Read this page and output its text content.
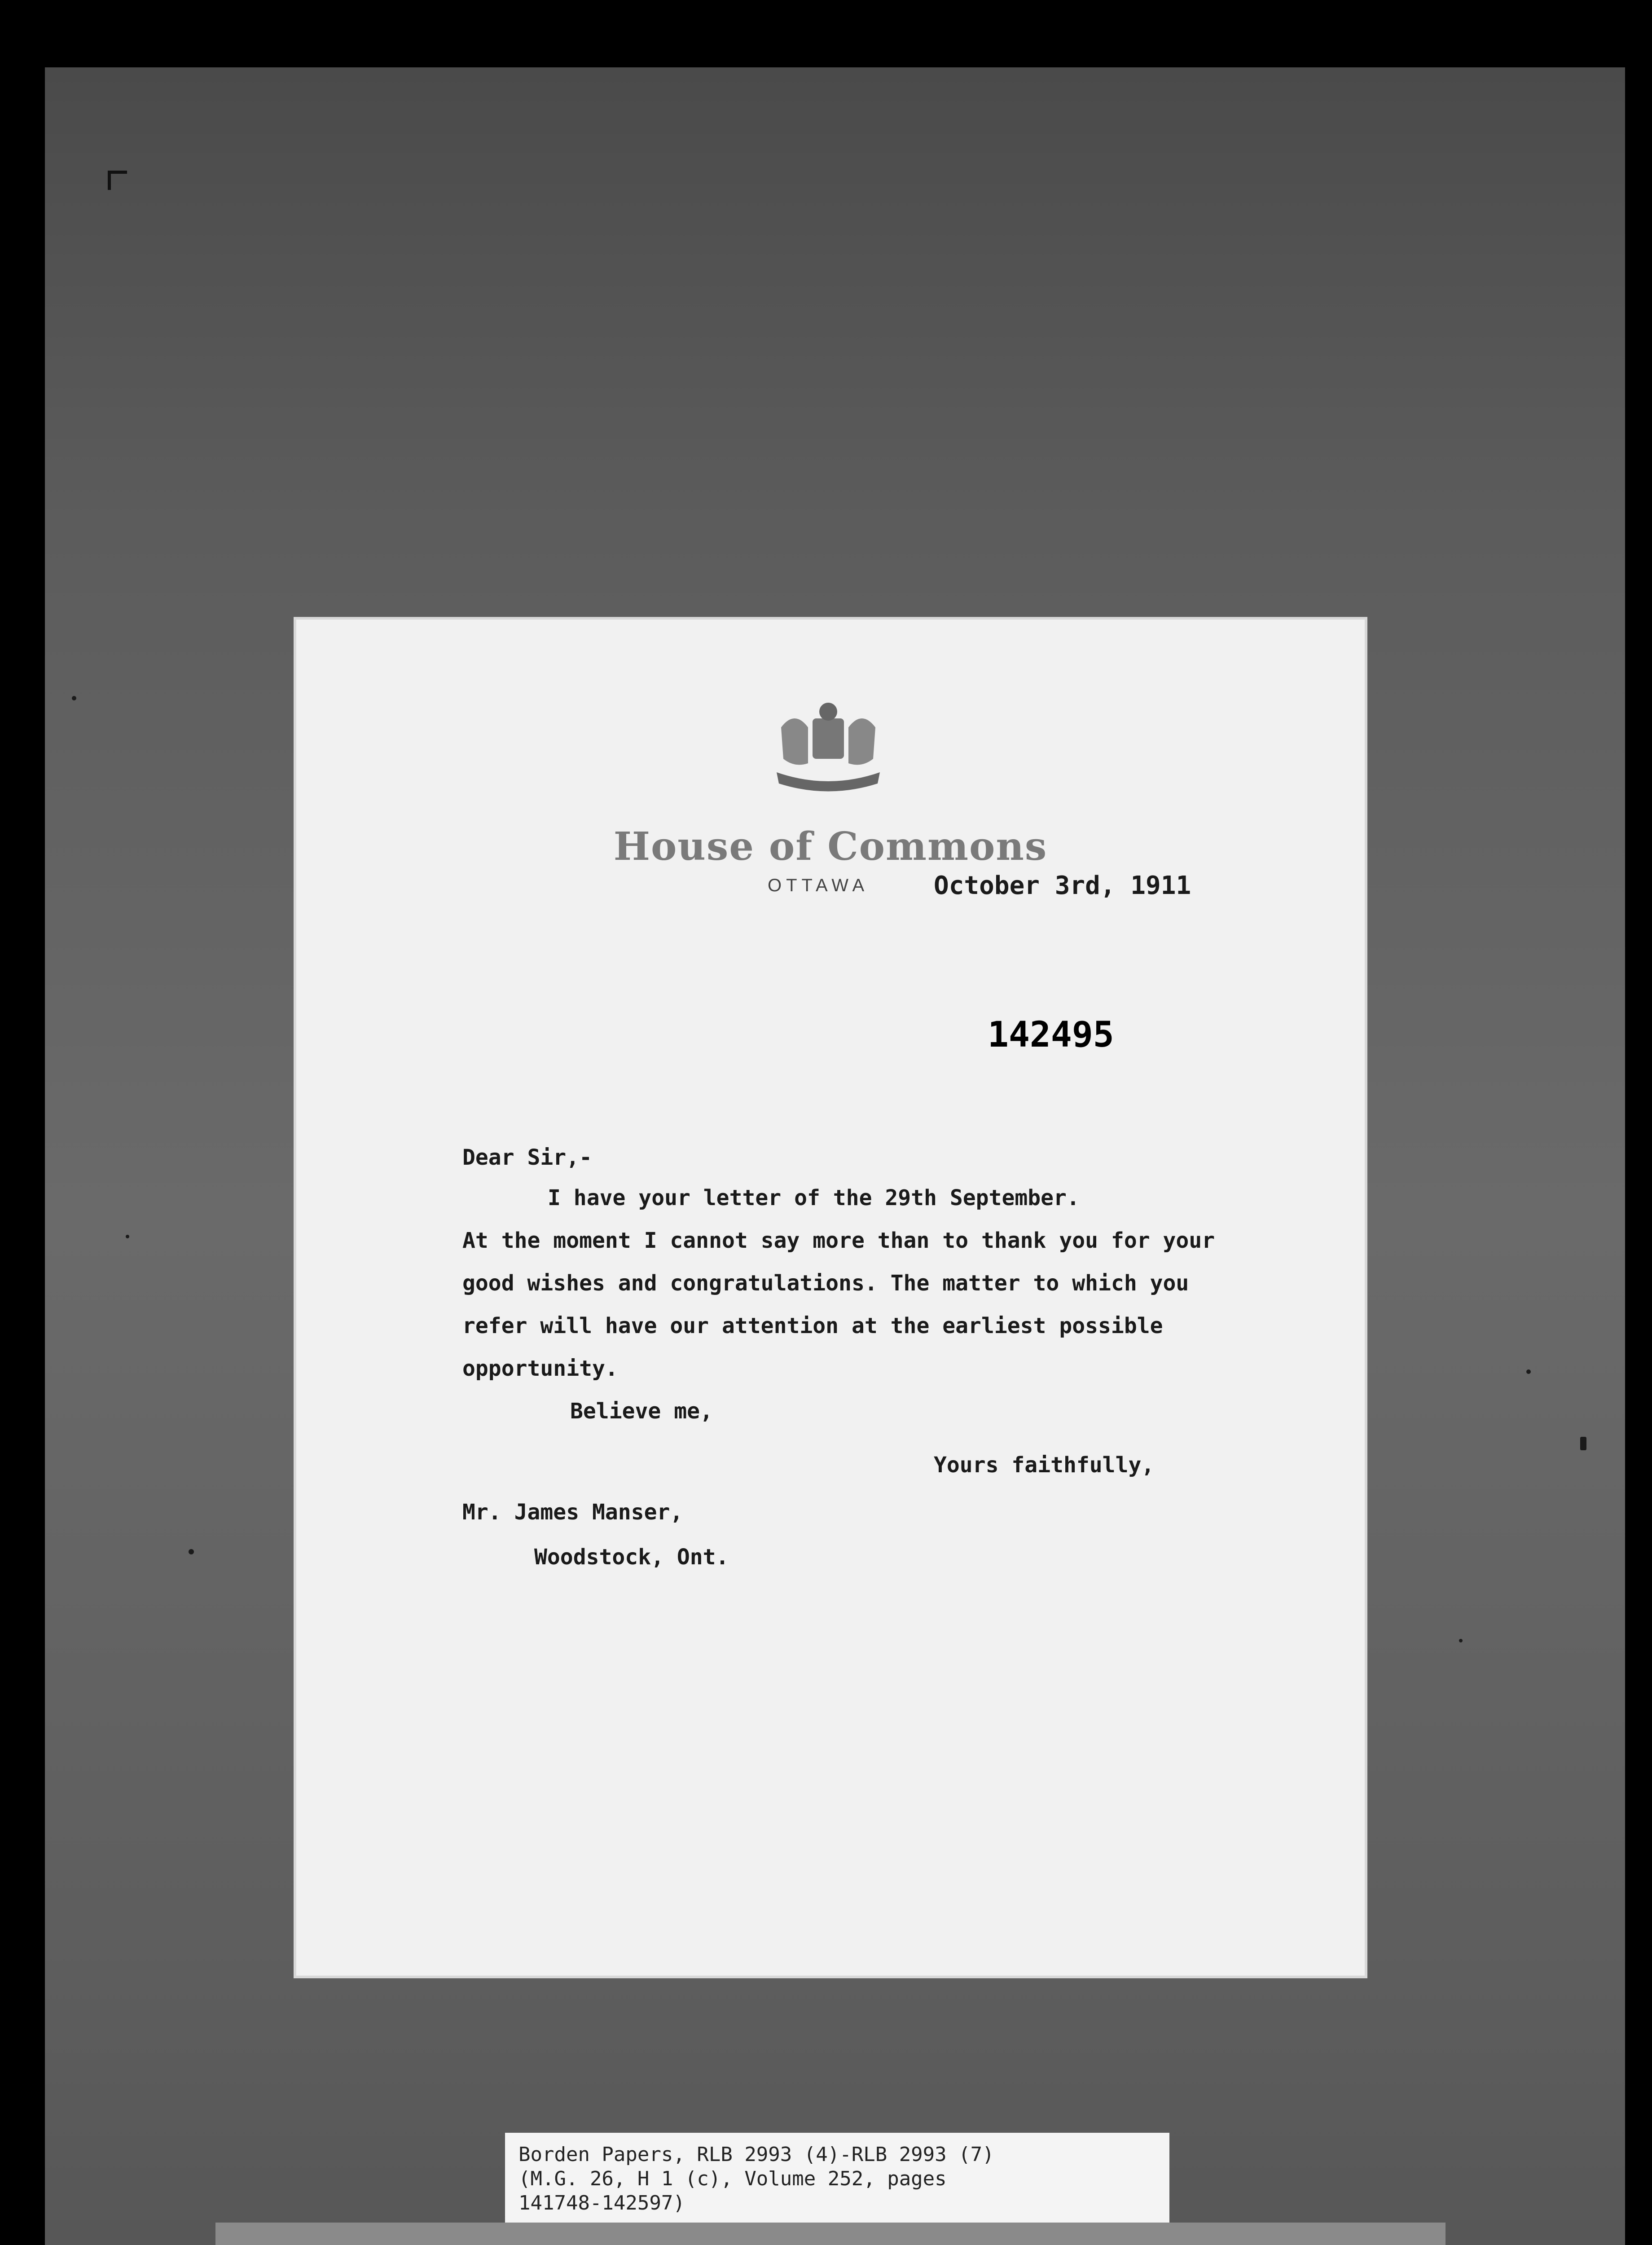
House of Commons
OTTAWA	October 3rd, 1911
142495
Dear Sir,-
I have your letter of the 29th September.
At the moment I cannot say more than to thank you for your
good wishes and congratulations. The matter to which you
refer will have our attention at the earliest possible
opportunity.
Believe me,
Yours faithfully,
Mr. James Manser,
Woodstock, Ont.
Borden Papers, RLB 2993 (4)-RLB 2993 (7)
(M.G. 26, H 1 (c), Volume 252, pages
141748-142597)
